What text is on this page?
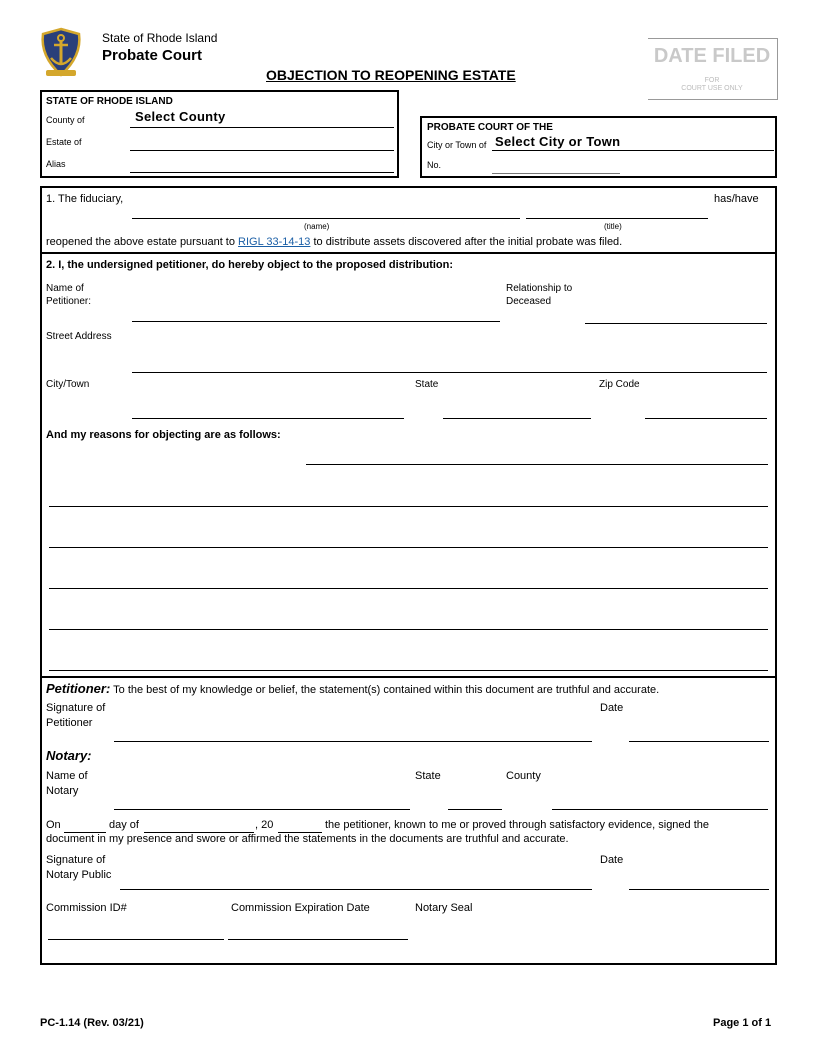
State of Rhode Island
Probate Court
OBJECTION TO REOPENING ESTATE
DATE FILED
FOR
COURT USE ONLY
STATE OF RHODE ISLAND
County of	Select County
Estate of
Alias
PROBATE COURT OF THE
City or Town of Select City or Town
No.
1. The fiduciary,	has/have
(name)	(title)
reopened the above estate pursuant to RIGL 33-14-13 to distribute assets discovered after the initial probate was filed.
2. I, the undersigned petitioner, do hereby object to the proposed distribution:
Name of
Petitioner:
Relationship to
Deceased
Street Address
City/Town	State	Zip Code
And my reasons for objecting are as follows:
Petitioner: To the best of my knowledge or belief, the statement(s) contained within this document are truthful and accurate.
Signature of
Petitioner
Date
Notary:
Name of
Notary
State	County
On	day of	, 20	the petitioner, known to me or proved through satisfactory evidence, signed the
document in my presence and swore or affirmed the statements in the documents are truthful and accurate.
Signature of
Notary Public
Date
Commission ID#	Commission Expiration Date	Notary Seal
PC-1.14 (Rev. 03/21)	Page 1 of 1
